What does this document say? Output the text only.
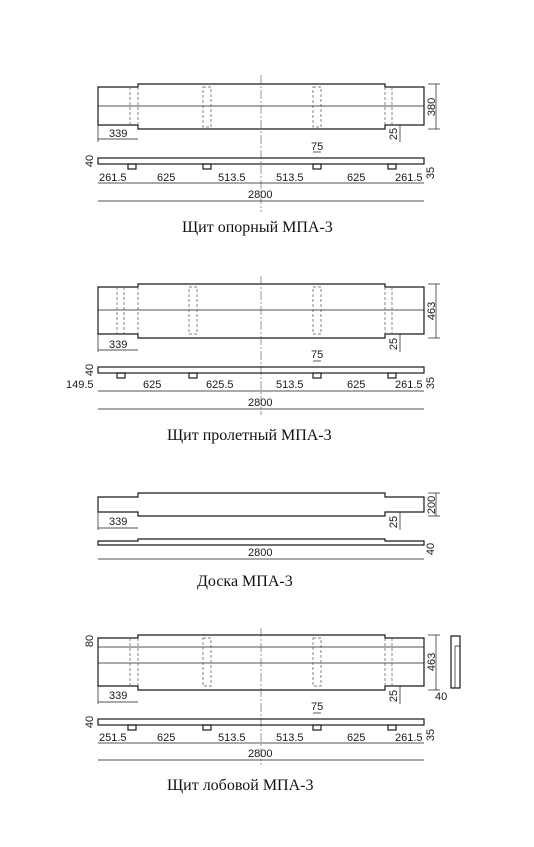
380
339	25
40
75
35
261.5	625	513.5	513.5	625	261.5
2800
Щит опорный МПА-3
463
339	25
40
75
35
149.5	625	625.5	513.5	625	261.5
2800
Щит пролетный МПА-3
200
339	25
40
2800
Доска МПА-3
80
463
40
339	25
40
75
35
251.5	625	513.5	513.5	625	261.5
2800
Щит лобовой МПА-3
